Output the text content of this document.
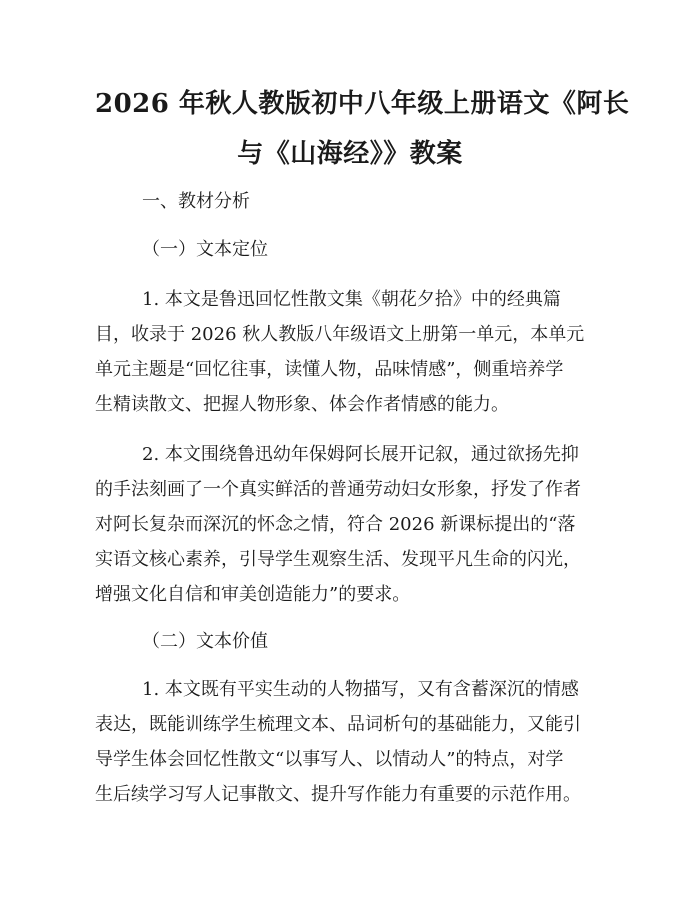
2026 年秋人教版初中八年级上册语文《阿长
与《山海经》》教案

一、教材分析

（一）文本定位

1. 本文是鲁迅回忆性散文集《朝花夕拾》中的经典篇

目，收录于 2026 秋人教版八年级语文上册第一单元，本单元

单元主题是“回忆往事，读懂人物，品味情感”，侧重培养学

生精读散文、把握人物形象、体会作者情感的能力。

2. 本文围绕鲁迅幼年保姆阿长展开记叙，通过欲扬先抑

的手法刻画了一个真实鲜活的普通劳动妇女形象，抒发了作者

对阿长复杂而深沉的怀念之情，符合 2026 新课标提出的“落

实语文核心素养，引导学生观察生活、发现平凡生命的闪光，

增强文化自信和审美创造能力”的要求。

（二）文本价值

1. 本文既有平实生动的人物描写，又有含蓄深沉的情感

表达，既能训练学生梳理文本、品词析句的基础能力，又能引

导学生体会回忆性散文“以事写人、以情动人”的特点，对学

生后续学习写人记事散文、提升写作能力有重要的示范作用。
